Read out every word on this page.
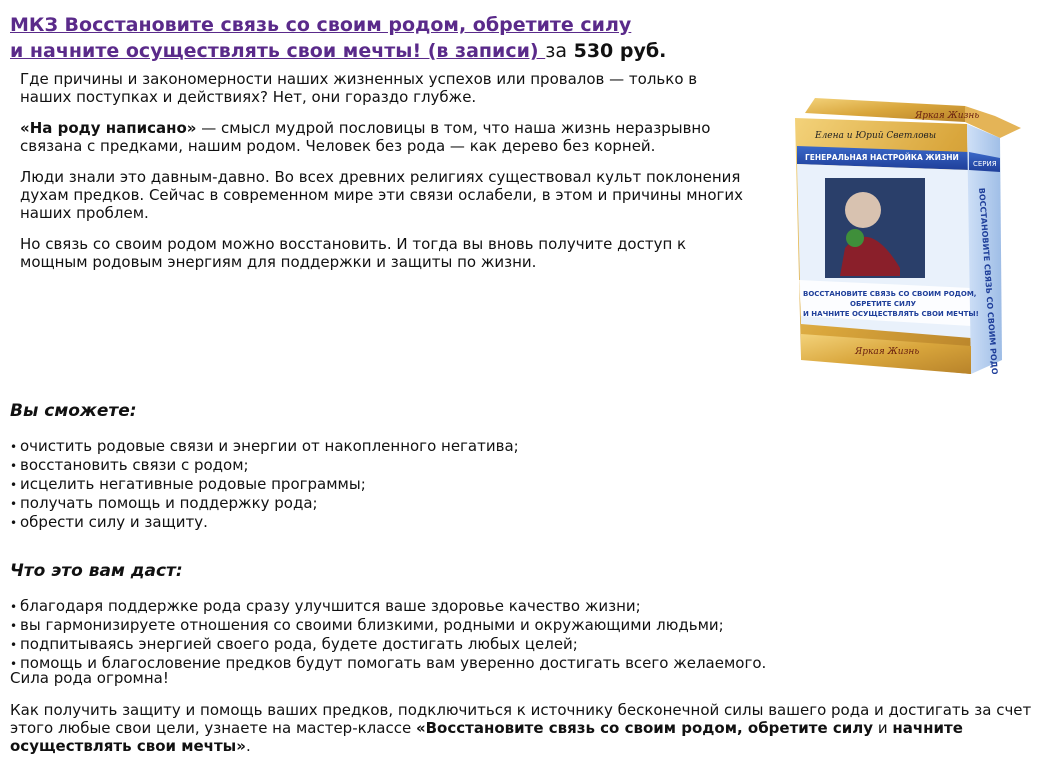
МКЗ Восстановите связь со своим родом, обретите силу
и начните осуществлять свои мечты! (в записи) за 530 руб.

Где причины и закономерности наших жизненных успехов или провалов — только в наших поступках и действиях? Нет, они гораздо глубже.

«На роду написано» — смысл мудрой пословицы в том, что наша жизнь неразрывно связана с предками, нашим родом. Человек без рода — как дерево без корней.

Люди знали это давным-давно. Во всех древних религиях существовал культ поклонения духам предков. Сейчас в современном мире эти связи ослабели, в этом и причины многих наших проблем.

Но связь со своим родом можно восстановить. И тогда вы вновь получите доступ к мощным родовым энергиям для поддержки и защиты по жизни.

Елена и Юрий Светловы
Яркая Жизнь
ГЕНЕРАЛЬНАЯ НАСТРОЙКА ЖИЗНИ
СЕРИЯ
ВОССТАНОВИТЕ СВЯЗЬ СО СВОИМ РОДОМ
ВОССТАНОВИТЕ СВЯЗЬ СО СВОИМ РОДОМ,
ОБРЕТИТЕ СИЛУ
И НАЧНИТЕ ОСУЩЕСТВЛЯТЬ СВОИ МЕЧТЫ!
Яркая Жизнь
Вы сможете:
• очистить родовые связи и энергии от накопленного негатива;
• восстановить связи с родом;
• исцелить негативные родовые программы;
• получать помощь и поддержку рода;
• обрести силу и защиту.
Что это вам даст:
• благодаря поддержке рода сразу улучшится ваше здоровье качество жизни;
• вы гармонизируете отношения со своими близкими, родными и окружающими людьми;
• подпитываясь энергией своего рода, будете достигать любых целей;
• помощь и благословение предков будут помогать вам уверенно достигать всего желаемого.
Сила рода огромна!
Как получить защиту и помощь ваших предков, подключиться к источнику бесконечной силы вашего рода и достигать за счет этого любые свои цели, узнаете на мастер-классе «Восстановите связь со своим родом, обретите силу и начните осуществлять свои мечты».
